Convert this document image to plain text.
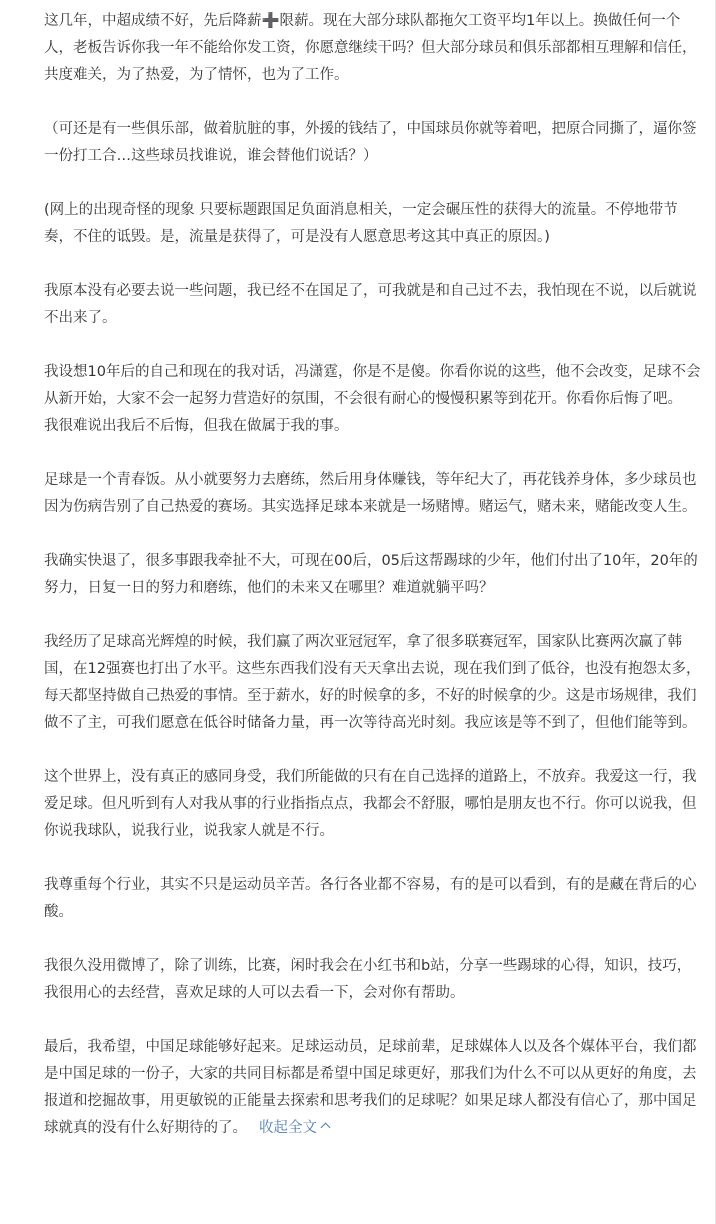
这几年，中超成绩不好，先后降薪➕限薪。现在大部分球队都拖欠工资平均1年以上。换做任何一个人，老板告诉你我一年不能给你发工资，你愿意继续干吗？但大部分球员和俱乐部都相互理解和信任，共度难关，为了热爱，为了情怀，也为了工作。

（可还是有一些俱乐部，做着肮脏的事，外援的钱结了，中国球员你就等着吧，把原合同撕了，逼你签一份打工合…这些球员找谁说，谁会替他们说话？）

(网上的出现奇怪的现象 只要标题跟国足负面消息相关，一定会碾压性的获得大的流量。不停地带节奏，不住的诋毁。是，流量是获得了，可是没有人愿意思考这其中真正的原因。)

我原本没有必要去说一些问题，我已经不在国足了，可我就是和自己过不去，我怕现在不说，以后就说不出来了。

我设想10年后的自己和现在的我对话，冯潇霆，你是不是傻。你看你说的这些，他不会改变，足球不会从新开始，大家不会一起努力营造好的氛围，不会很有耐心的慢慢积累等到花开。你看你后悔了吧。

我很难说出我后不后悔，但我在做属于我的事。

足球是一个青春饭。从小就要努力去磨练，然后用身体赚钱，等年纪大了，再花钱养身体，多少球员也因为伤病告别了自己热爱的赛场。其实选择足球本来就是一场赌博。赌运气，赌未来，赌能改变人生。

我确实快退了，很多事跟我牵扯不大，可现在00后，05后这帮踢球的少年，他们付出了10年，20年的努力，日复一日的努力和磨练，他们的未来又在哪里？难道就躺平吗？

我经历了足球高光辉煌的时候，我们赢了两次亚冠冠军，拿了很多联赛冠军，国家队比赛两次赢了韩国，在12强赛也打出了水平。这些东西我们没有天天拿出去说，现在我们到了低谷，也没有抱怨太多，每天都坚持做自己热爱的事情。至于薪水，好的时候拿的多，不好的时候拿的少。这是市场规律，我们做不了主，可我们愿意在低谷时储备力量，再一次等待高光时刻。我应该是等不到了，但他们能等到。

这个世界上，没有真正的感同身受，我们所能做的只有在自己选择的道路上，不放弃。我爱这一行，我爱足球。但凡听到有人对我从事的行业指指点点，我都会不舒服，哪怕是朋友也不行。你可以说我，但你说我球队，说我行业，说我家人就是不行。

我尊重每个行业，其实不只是运动员辛苦。各行各业都不容易，有的是可以看到，有的是藏在背后的心酸。

我很久没用微博了，除了训练，比赛，闲时我会在小红书和b站，分享一些踢球的心得，知识，技巧，我很用心的去经营，喜欢足球的人可以去看一下，会对你有帮助。

最后，我希望，中国足球能够好起来。足球运动员，足球前辈，足球媒体人以及各个媒体平台，我们都是中国足球的一份子，大家的共同目标都是希望中国足球更好，那我们为什么不可以从更好的角度，去报道和挖掘故事，用更敏锐的正能量去探索和思考我们的足球呢？如果足球人都没有信心了，那中国足球就真的没有什么好期待的了。 收起全文
